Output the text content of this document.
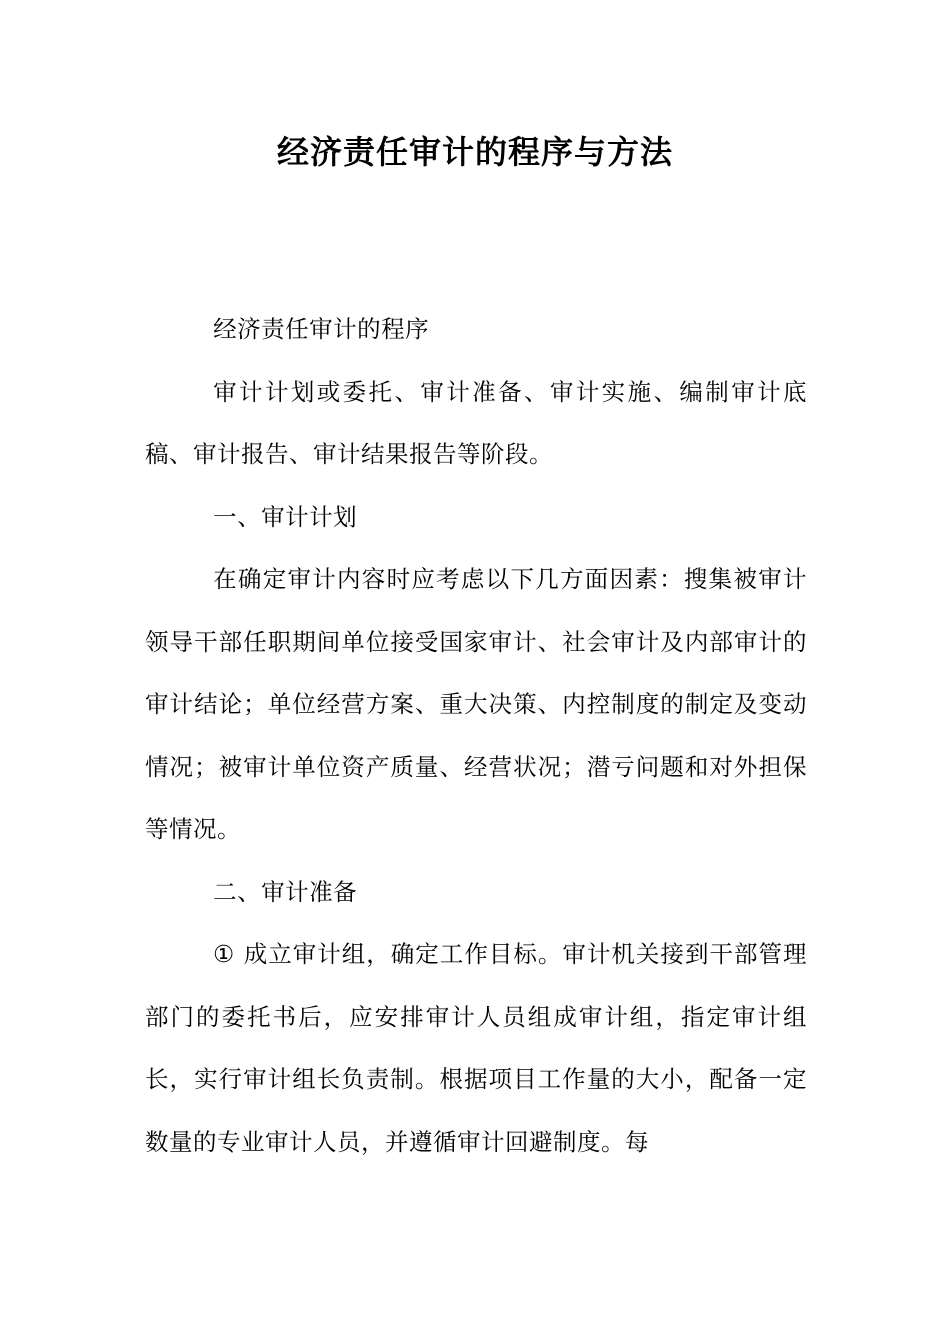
经济责任审计的程序与方法

经济责任审计的程序

审计计划或委托、审计准备、审计实施、编制审计底稿、审计报告、审计结果报告等阶段。

一、审计计划

在确定审计内容时应考虑以下几方面因素：搜集被审计领导干部任职期间单位接受国家审计、社会审计及内部审计的审计结论；单位经营方案、重大决策、内控制度的制定及变动情况；被审计单位资产质量、经营状况；潜亏问题和对外担保等情况。

二、审计准备

① 成立审计组，确定工作目标。审计机关接到干部管理部门的委托书后，应安排审计人员组成审计组，指定审计组长，实行审计组长负责制。根据项目工作量的大小，配备一定数量的专业审计人员，并遵循审计回避制度。每
